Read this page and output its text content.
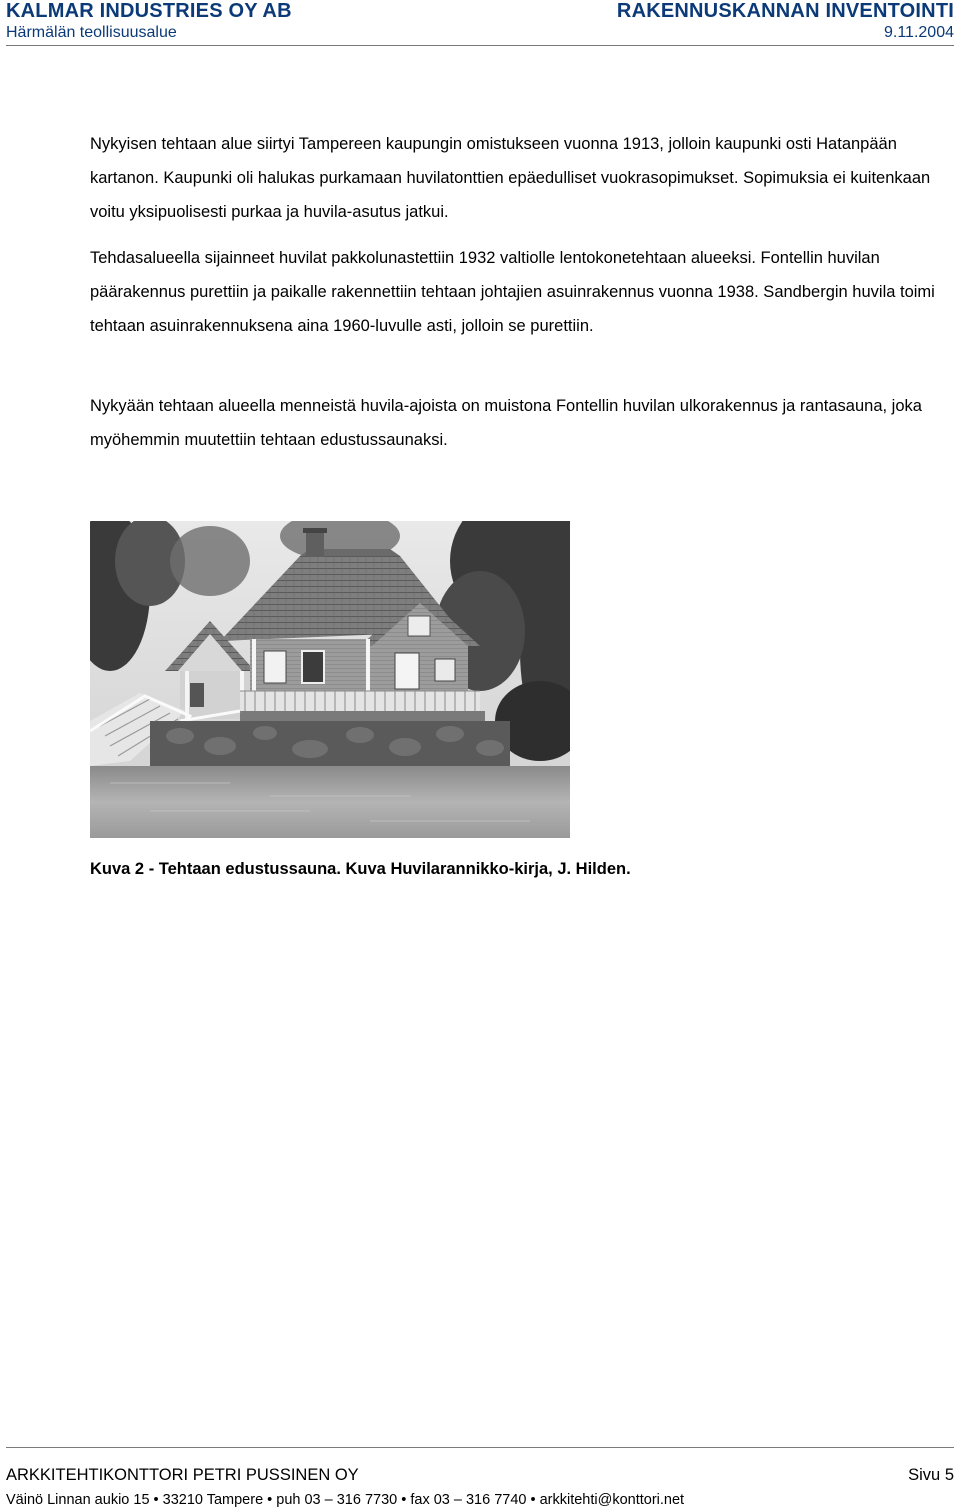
KALMAR INDUSTRIES OY AB	RAKENNUSKANNAN INVENTOINTI
Härmälän teollisuusalue	9.11.2004

Nykyisen tehtaan alue siirtyi Tampereen kaupungin omistukseen vuonna 1913, jolloin kaupunki osti Hatanpään kartanon. Kaupunki oli halukas purkamaan huvilatonttien epäedulliset vuokrasopimukset. Sopimuksia ei kuitenkaan voitu yksipuolisesti purkaa ja huvila-asutus jatkui.

Tehdasalueella sijainneet huvilat pakkolunastettiin 1932 valtiolle lentokonetehtaan alueeksi. Fontellin huvilan päärakennus purettiin ja paikalle rakennettiin tehtaan johtajien asuinrakennus vuonna 1938. Sandbergin huvila toimi tehtaan asuinrakennuksena aina 1960-luvulle asti, jolloin se purettiin.

Nykyään tehtaan alueella menneistä huvila-ajoista on muistona Fontellin huvilan ulkorakennus ja rantasauna, joka myöhemmin muutettiin tehtaan edustussaunaksi.

Kuva 2 - Tehtaan edustussauna. Kuva Huvilarannikko-kirja, J. Hilden.

ARKKITEHTIKONTTORI PETRI PUSSINEN OY	Sivu 5
Väinö Linnan aukio 15 • 33210 Tampere • puh 03 – 316 7730 • fax 03 – 316 7740 • arkkitehti@konttori.net
